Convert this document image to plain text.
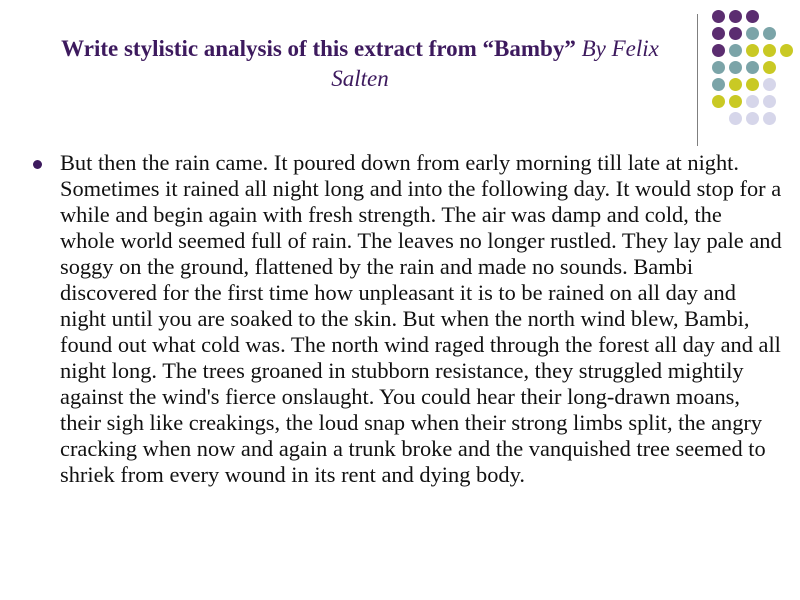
Write stylistic analysis of this extract from “Bamby” By Felix Salten

But then the rain came. It poured down from early morning till late at night. Sometimes it rained all night long and into the following day. It would stop for a while and begin again with fresh strength. The air was damp and cold, the whole world seemed full of rain. The leaves no longer rustled. They lay pale and soggy on the ground, flattened by the rain and made no sounds. Bambi discovered for the first time how unpleasant it is to be rained on all day and night until you are soaked to the skin. But when the north wind blew, Bambi, found out what cold was. The north wind raged through the forest all day and all night long. The trees groaned in stubborn resistance, they struggled mightily against the wind's fierce onslaught. You could hear their long-drawn moans, their sigh like creakings, the loud snap when their strong limbs split, the angry cracking when now and again a trunk broke and the vanquished tree seemed to shriek from every wound in its rent and dying body.
